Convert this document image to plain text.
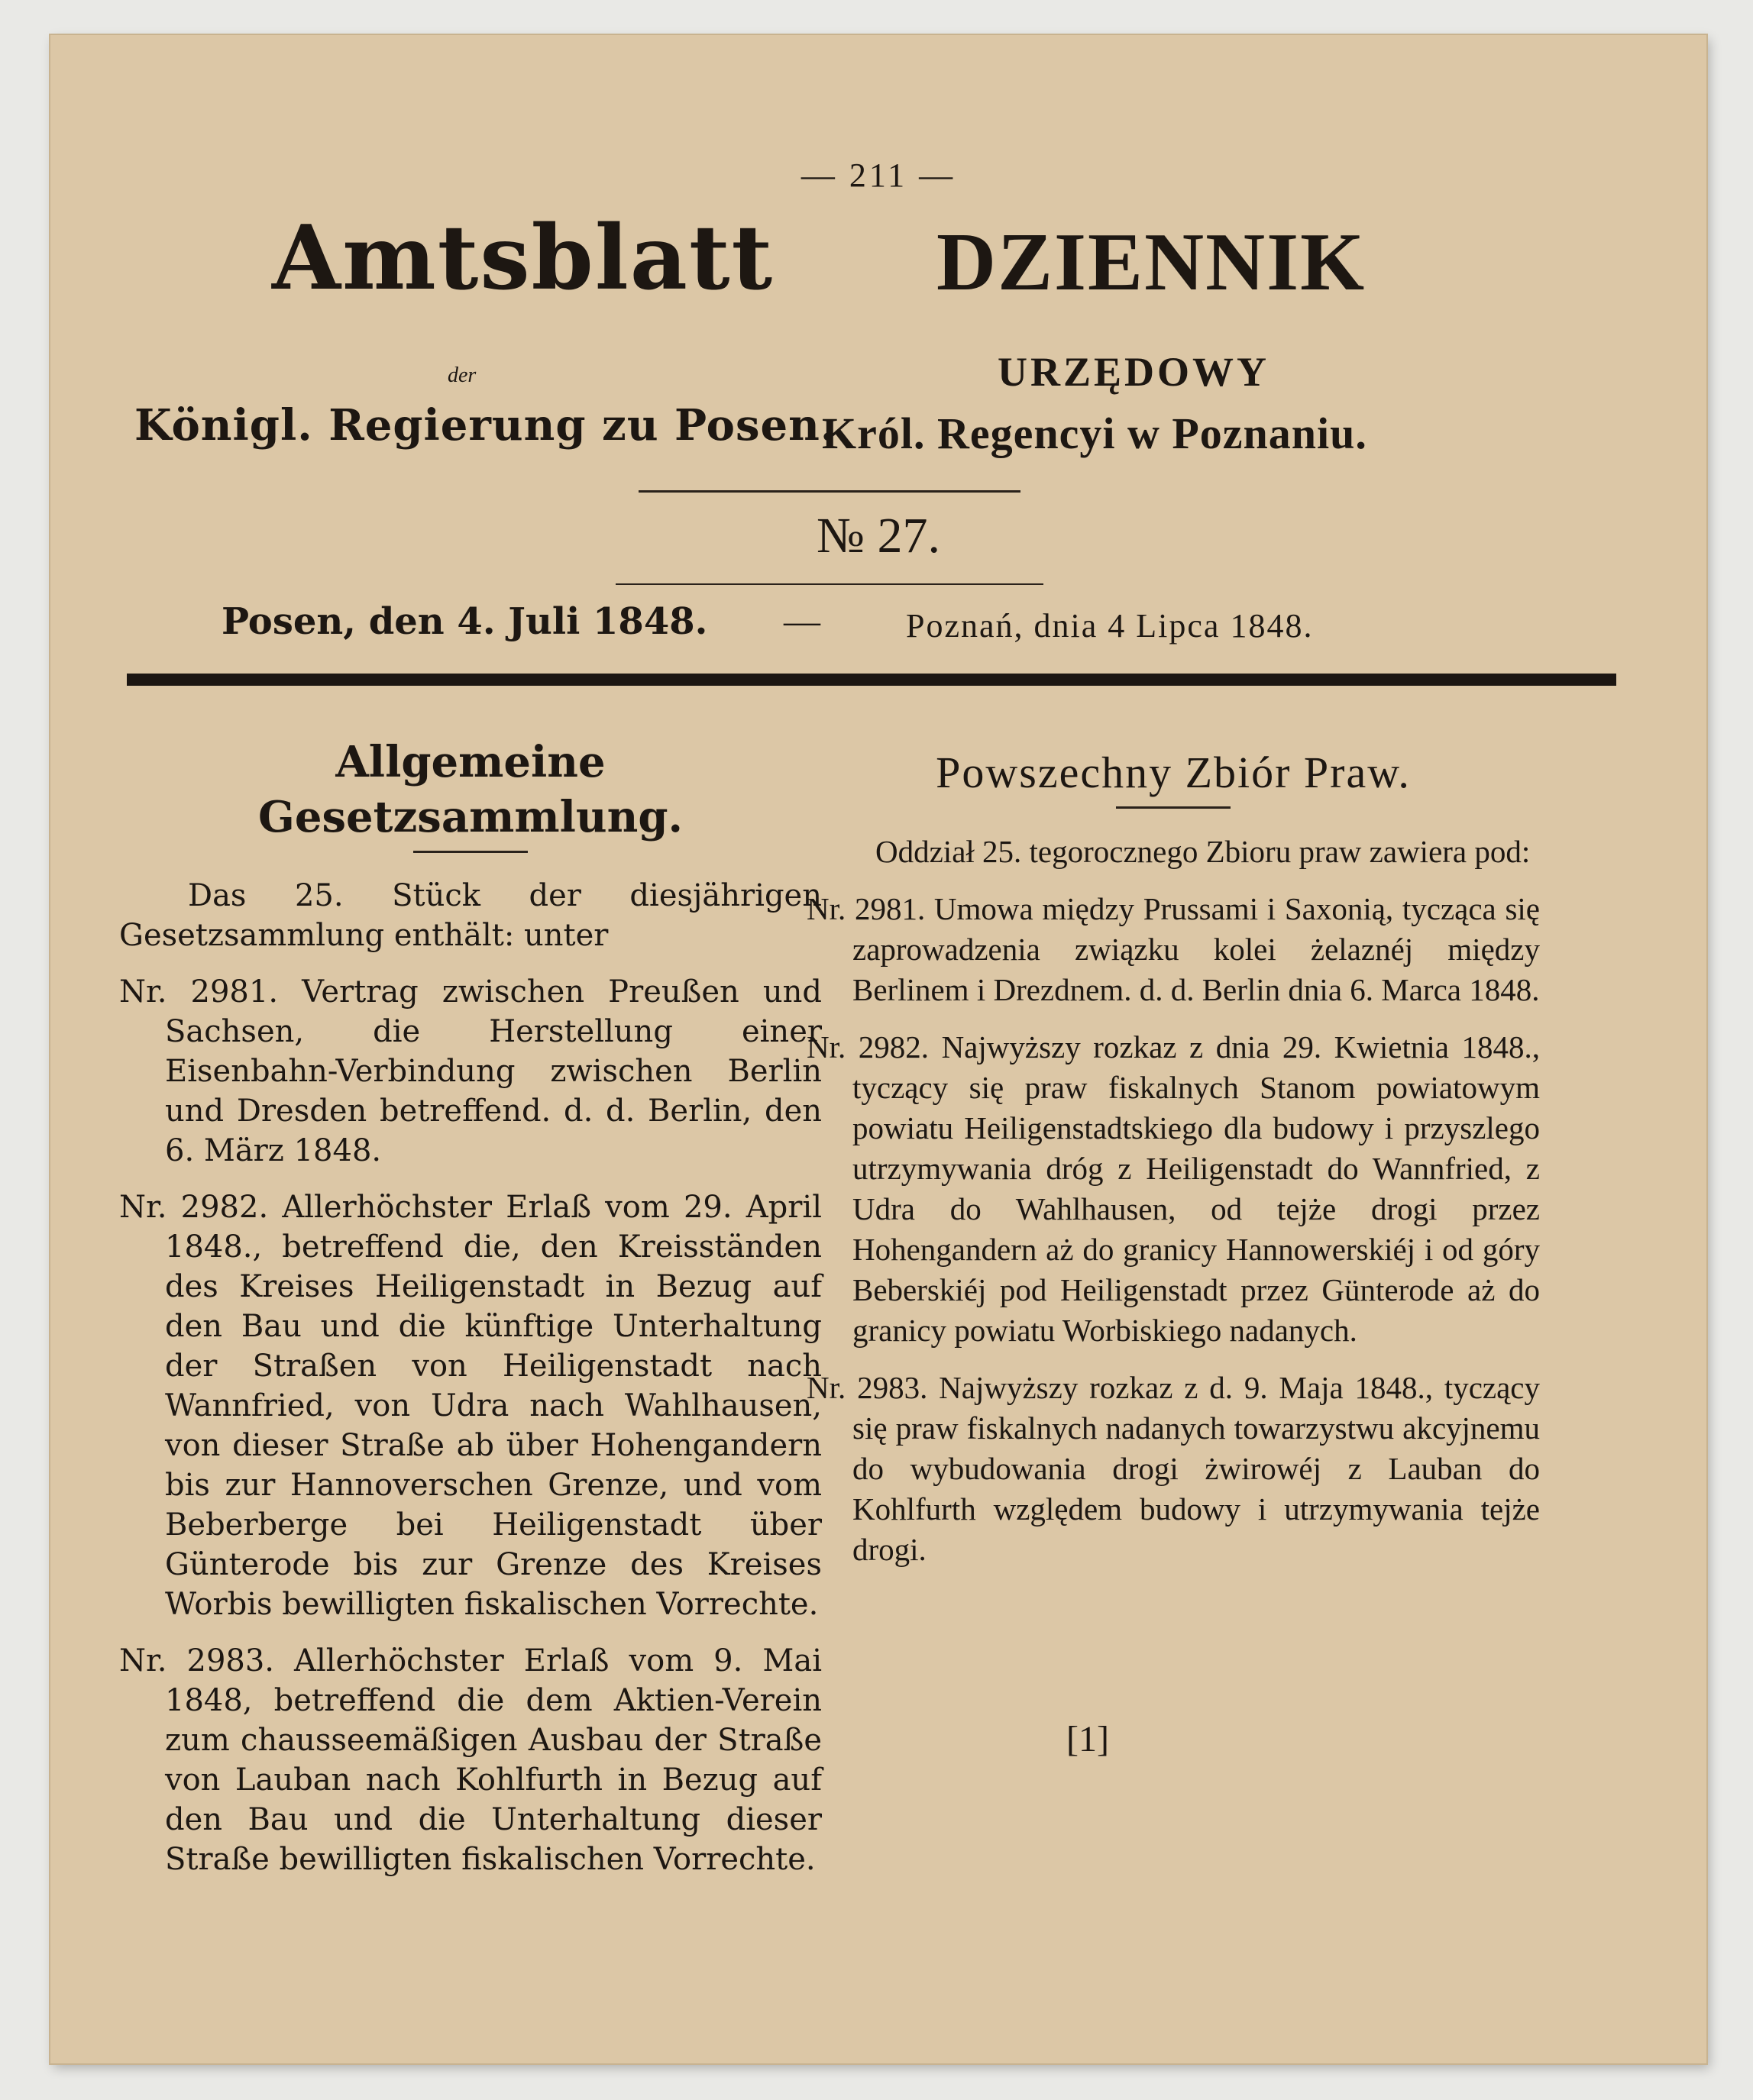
— 211 —
Amtsblatt DZIENNIK
der	URZĘDOWY
Königl. Regierung zu Posen.
Król. Regencyi w Poznaniu.
№ 27.
Posen, den 4. Juli 1848. —	Poznań, dnia 4 Lipca 1848.
Allgemeine Gesetzsammlung.

Das 25. Stück der diesjährigen Gesetzsammlung enthält: unter

Nr. 2981. Vertrag zwischen Preußen und Sachsen, die Herstellung einer Eisenbahn-Verbindung zwischen Berlin und Dresden betreffend. d. d. Berlin, den 6. März 1848.

Nr. 2982. Allerhöchster Erlaß vom 29. April 1848., betreffend die, den Kreisständen des Kreises Heiligenstadt in Bezug auf den Bau und die künftige Unterhaltung der Straßen von Heiligenstadt nach Wannfried, von Udra nach Wahlhausen, von dieser Straße ab über Hohengandern bis zur Hannoverschen Grenze, und vom Beberberge bei Heiligenstadt über Günterode bis zur Grenze des Kreises Worbis bewilligten fiskalischen Vorrechte.

Nr. 2983. Allerhöchster Erlaß vom 9. Mai 1848, betreffend die dem Aktien-Verein zum chausseemäßigen Ausbau der Straße von Lauban nach Kohlfurth in Bezug auf den Bau und die Unterhaltung dieser Straße bewilligten fiskalischen Vorrechte.

Powszechny Zbiór Praw.

Oddział 25. tegorocznego Zbioru praw zawiera pod:

Nr. 2981. Umowa między Prussami i Saxonią, tycząca się zaprowadzenia związku kolei żelaznéj między Berlinem i Drezdnem. d. d. Berlin dnia 6. Marca 1848.

Nr. 2982. Najwyższy rozkaz z dnia 29. Kwietnia 1848., tyczący się praw fiskalnych Stanom powiatowym powiatu Heiligenstadtskiego dla budowy i przyszlego utrzymywania dróg z Heiligenstadt do Wannfried, z Udra do Wahlhausen, od tejże drogi przez Hohengandern aż do granicy Hannowerskiéj i od góry Beberskiéj pod Heiligenstadt przez Günterode aż do granicy powiatu Worbiskiego nadanych.

Nr. 2983. Najwyższy rozkaz z d. 9. Maja 1848., tyczący się praw fiskalnych nadanych towarzystwu akcyjnemu do wybudowania drogi żwirowéj z Lauban do Kohlfurth względem budowy i utrzymywania tejże drogi.

[1]
